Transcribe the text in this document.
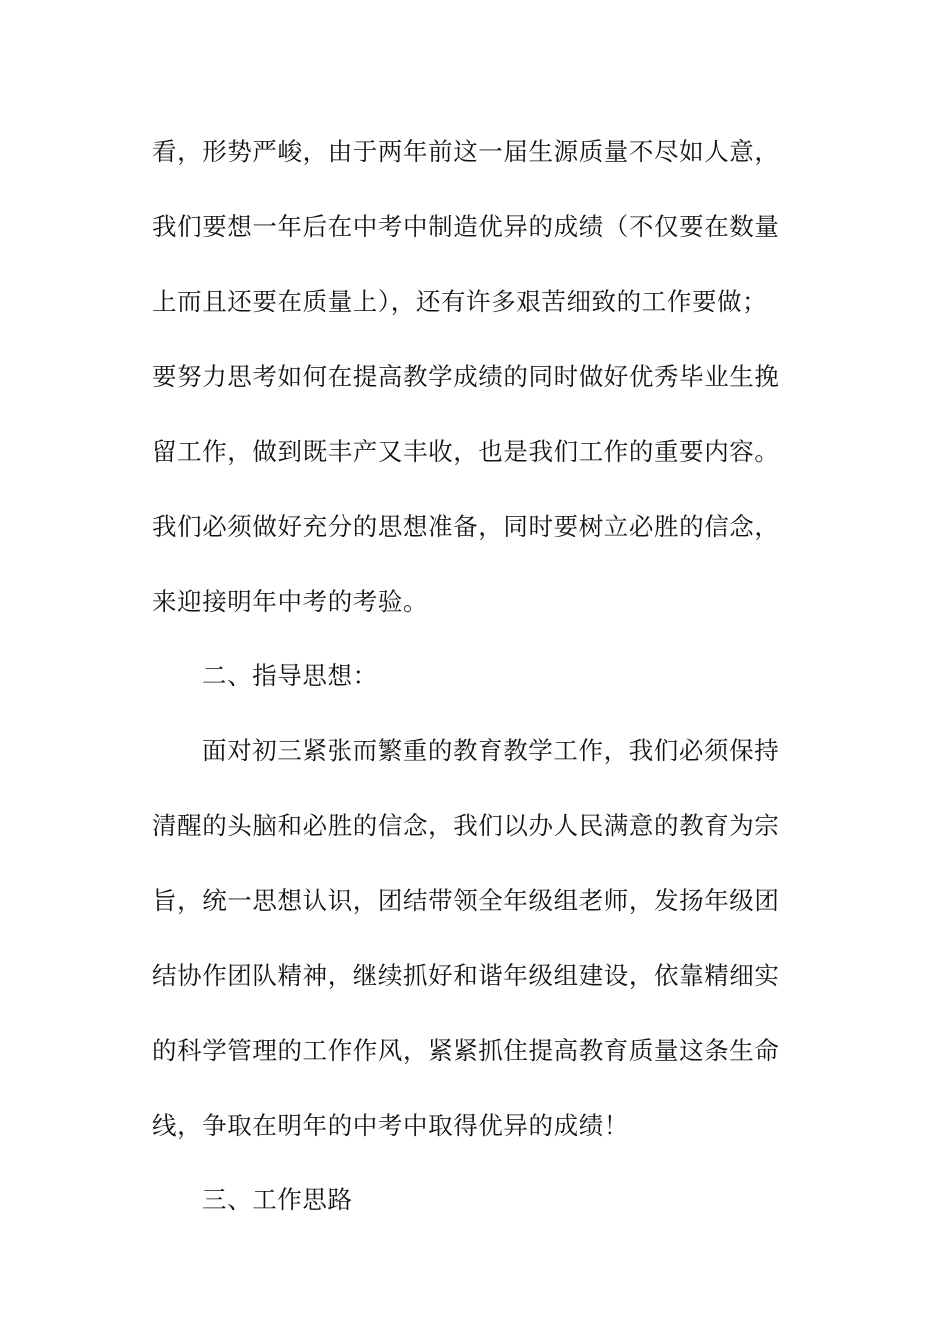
看，形势严峻，由于两年前这一届生源质量不尽如人意，
我们要想一年后在中考中制造优异的成绩（不仅要在数量
上而且还要在质量上），还有许多艰苦细致的工作要做；
要努力思考如何在提高教学成绩的同时做好优秀毕业生挽
留工作，做到既丰产又丰收，也是我们工作的重要内容。
我们必须做好充分的思想准备，同时要树立必胜的信念，
来迎接明年中考的考验。
二、指导思想：
面对初三紧张而繁重的教育教学工作，我们必须保持
清醒的头脑和必胜的信念，我们以办人民满意的教育为宗
旨，统一思想认识，团结带领全年级组老师，发扬年级团
结协作团队精神，继续抓好和谐年级组建设，依靠精细实
的科学管理的工作作风，紧紧抓住提高教育质量这条生命
线，争取在明年的中考中取得优异的成绩！
三、工作思路
